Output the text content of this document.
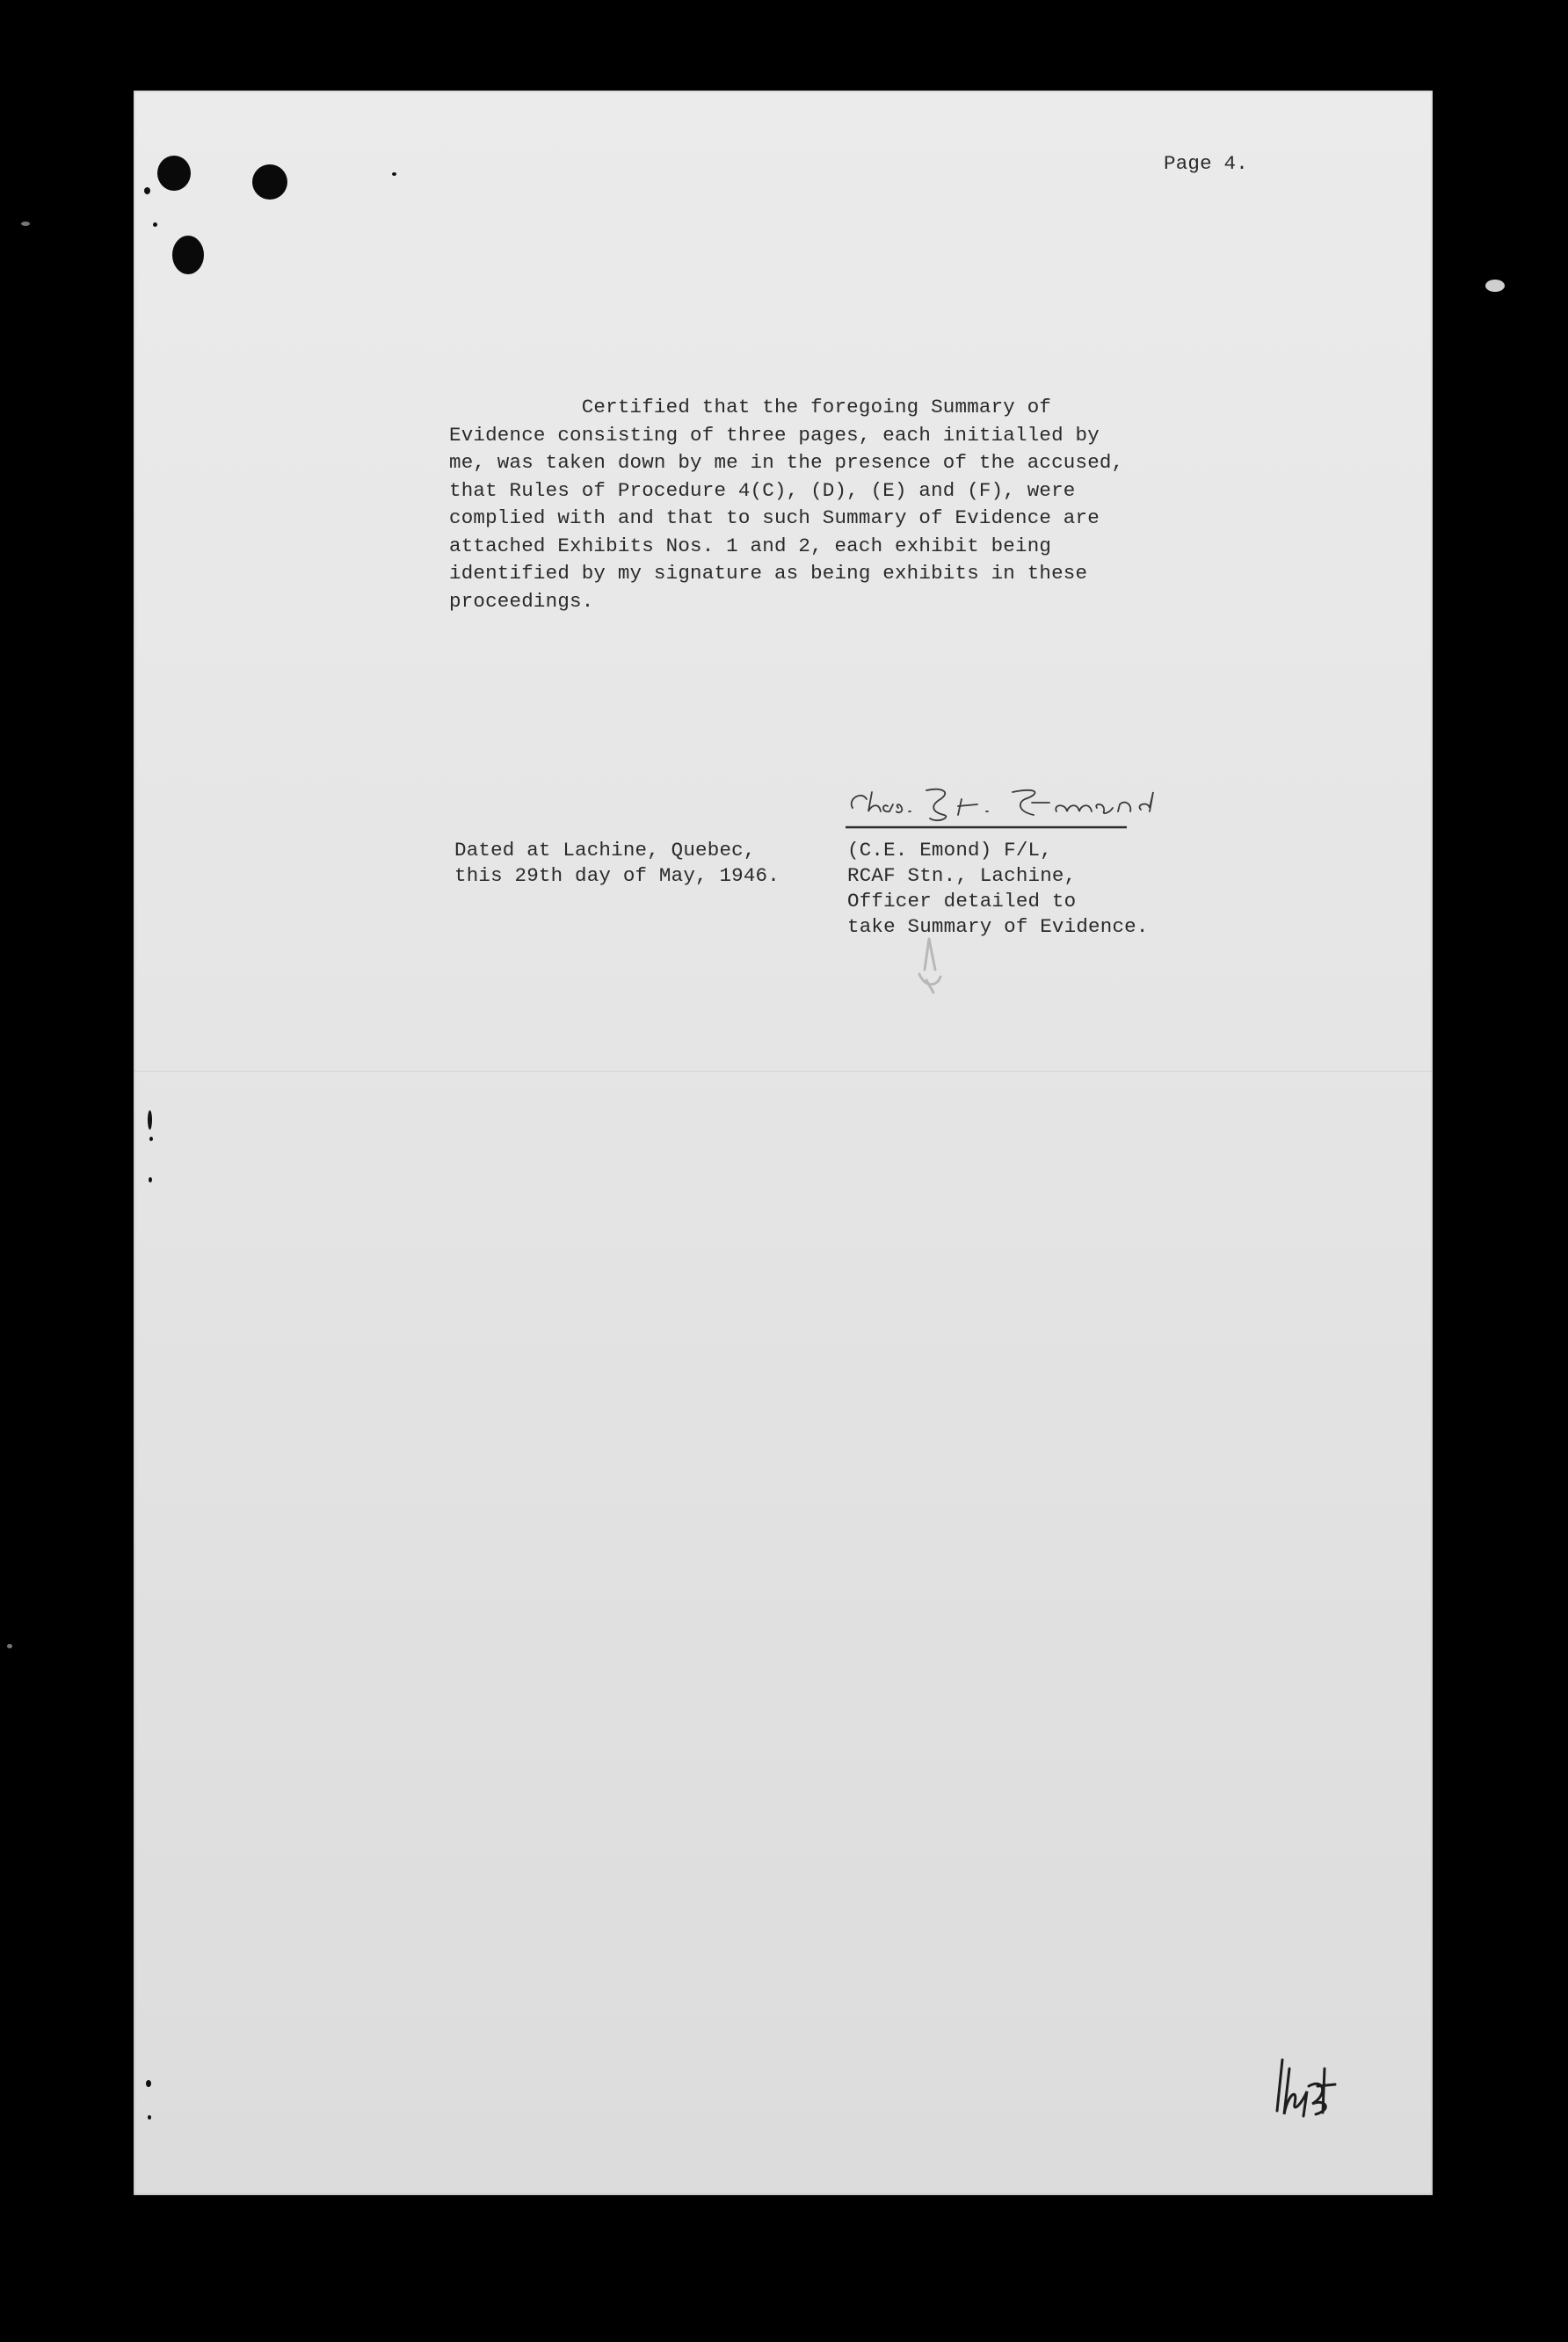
Page 4.
Certified that the foregoing Summary of
Evidence consisting of three pages, each initialled by
me, was taken down by me in the presence of the accused,
that Rules of Procedure 4(C), (D), (E) and (F), were
complied with and that to such Summary of Evidence are
attached Exhibits Nos. 1 and 2, each exhibit being
identified by my signature as being exhibits in these
proceedings.
Dated at Lachine, Quebec,
this 29th day of May, 1946.
(C.E. Emond) F/L,
RCAF Stn., Lachine,
Officer detailed to
take Summary of Evidence.
